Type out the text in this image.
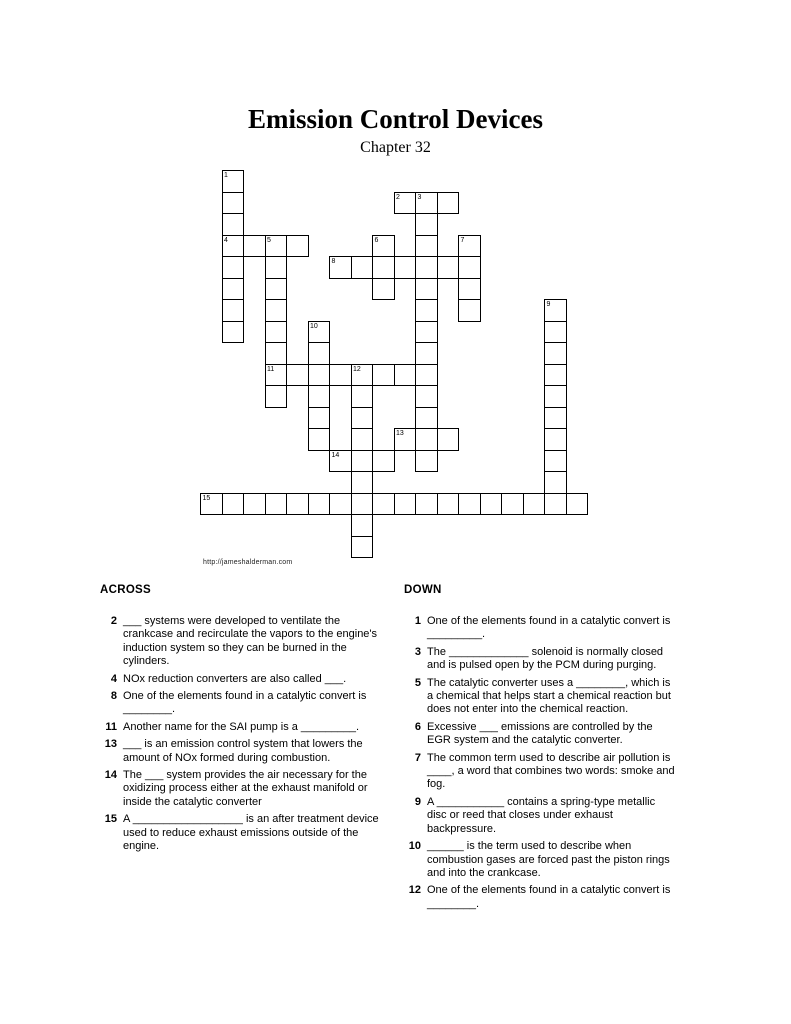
Emission Control Devices
Chapter 32
1
2	3
4	5	6	7
8
9
10
11	12
13
14
15
http://jameshalderman.com
ACROSS
2 ___ systems were developed to ventilate the crankcase and recirculate the vapors to the engine's induction system so they can be burned in the cylinders.
4 NOx reduction converters are also called ___.
8 One of the elements found in a catalytic convert is ________.
11 Another name for the SAI pump is a _________.
13 ___ is an emission control system that lowers the amount of NOx formed during combustion.
14 The ___ system provides the air necessary for the oxidizing process either at the exhaust manifold or inside the catalytic converter
15 A __________________ is an after treatment device used to reduce exhaust emissions outside of the engine.
DOWN
1 One of the elements found in a catalytic convert is _________.
3 The _____________ solenoid is normally closed and is pulsed open by the PCM during purging.
5 The catalytic converter uses a ________, which is a chemical that helps start a chemical reaction but does not enter into the chemical reaction.
6 Excessive ___ emissions are controlled by the EGR system and the catalytic converter.
7 The common term used to describe air pollution is ____, a word that combines two words: smoke and fog.
9 A ___________ contains a spring-type metallic disc or reed that closes under exhaust backpressure.
10 ______ is the term used to describe when combustion gases are forced past the piston rings and into the crankcase.
12 One of the elements found in a catalytic convert is ________.
